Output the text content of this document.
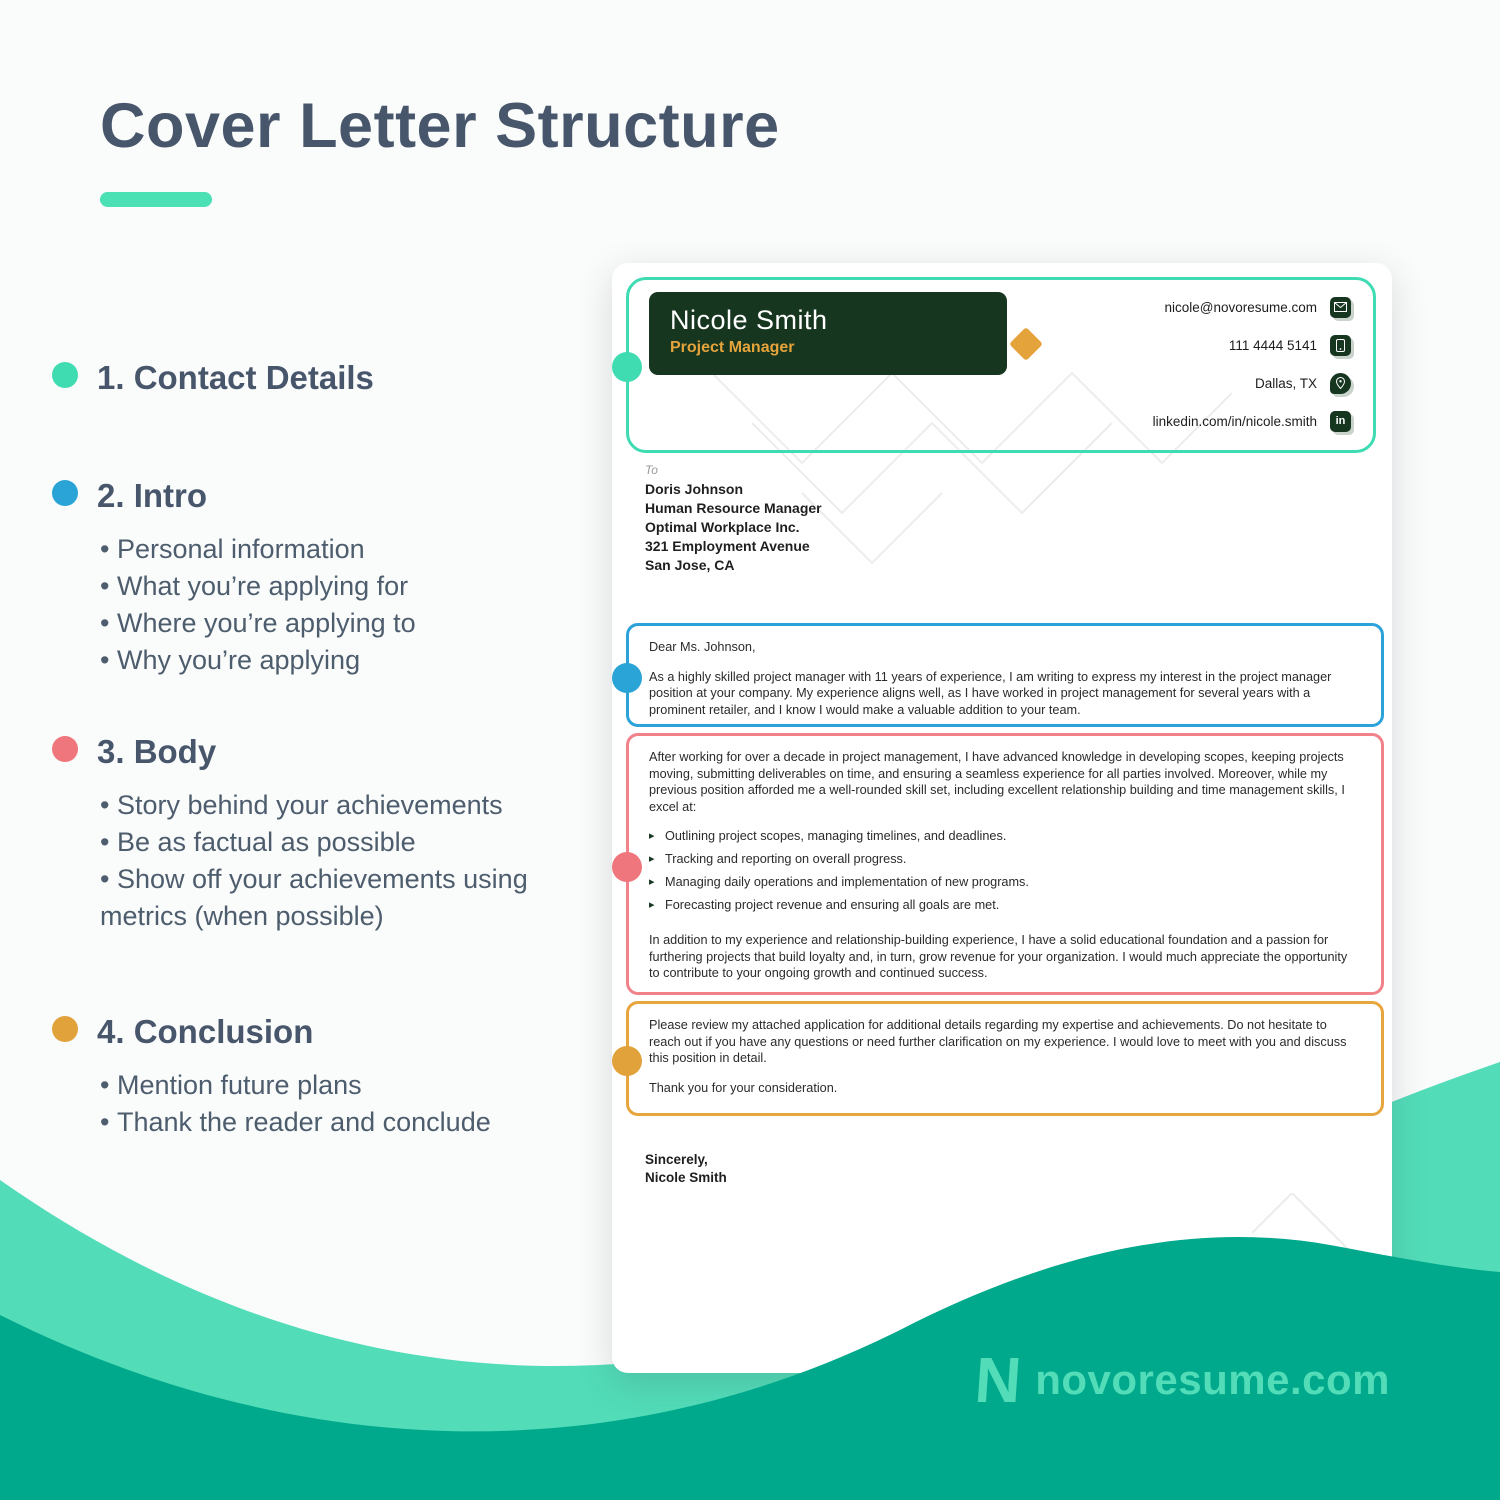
Cover Letter Structure
1. Contact Details
2. Intro
• Personal information
• What you’re applying for
• Where you’re applying to
• Why you’re applying
3. Body
• Story behind your achievements
• Be as factual as possible
• Show off your achievements using metrics (when possible)
4. Conclusion
• Mention future plans
• Thank the reader and conclude
Nicole Smith
Project Manager
nicole@novoresume.com
111 4444 5141
Dallas, TX
linkedin.com/in/nicole.smith	in
To
Doris Johnson
Human Resource Manager
Optimal Workplace Inc.
321 Employment Avenue
San Jose, CA

Dear Ms. Johnson,

As a highly skilled project manager with 11 years of experience, I am writing to express my interest in the project manager position at your company. My experience aligns well, as I have worked in project management for several years with a prominent retailer, and I know I would make a valuable addition to your team.

After working for over a decade in project management, I have advanced knowledge in developing scopes, keeping projects moving, submitting deliverables on time, and ensuring a seamless experience for all parties involved. Moreover, while my previous position afforded me a well-rounded skill set, including excellent relationship building and time management skills, I excel at:

▸ Outlining project scopes, managing timelines, and deadlines.
▸ Tracking and reporting on overall progress.
▸ Managing daily operations and implementation of new programs.
▸ Forecasting project revenue and ensuring all goals are met.

In addition to my experience and relationship-building experience, I have a solid educational foundation and a passion for furthering projects that build loyalty and, in turn, grow revenue for your organization. I would much appreciate the opportunity to contribute to your ongoing growth and continued success.

Please review my attached application for additional details regarding my expertise and achievements. Do not hesitate to reach out if you have any questions or need further clarification on my experience. I would love to meet with you and discuss this position in detail.

Thank you for your consideration.

Sincerely,
Nicole Smith
N novoresume.com
